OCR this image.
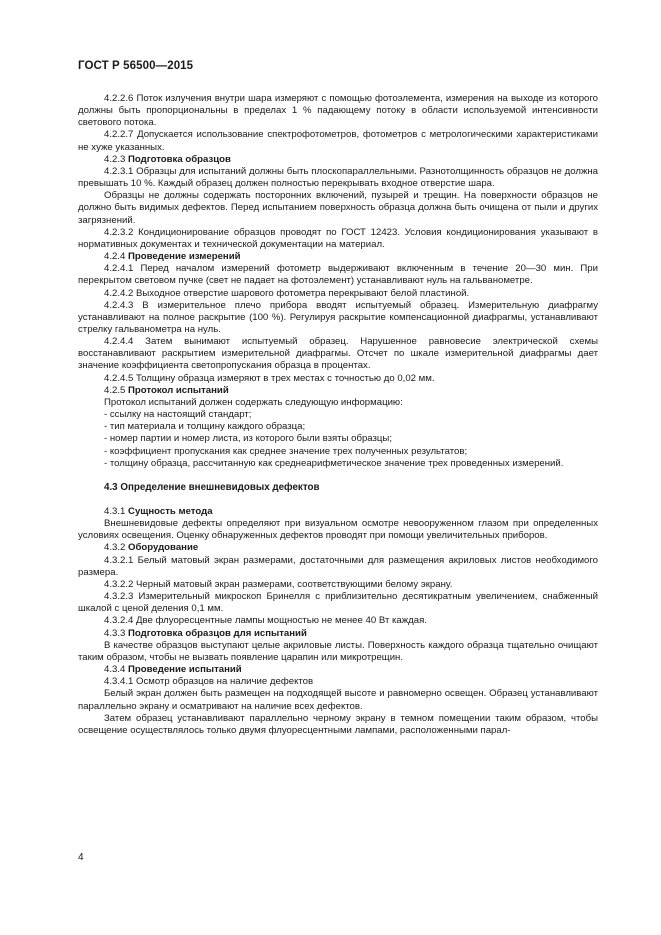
ГОСТ Р 56500—2015

4.2.2.6 Поток излучения внутри шара измеряют с помощью фотоэлемента, измерения на выходе из которого должны быть пропорциональны в пределах 1 % падающему потоку в области используемой интенсивности светового потока.

4.2.2.7 Допускается использование спектрофотометров, фотометров с метрологическими характеристиками не хуже указанных.

4.2.3 Подготовка образцов

4.2.3.1 Образцы для испытаний должны быть плоскопараллельными. Разнотолщинность образцов не должна превышать 10 %. Каждый образец должен полностью перекрывать входное отверстие шара.

Образцы не должны содержать посторонних включений, пузырей и трещин. На поверхности образцов не должно быть видимых дефектов. Перед испытанием поверхность образца должна быть очищена от пыли и других загрязнений.

4.2.3.2 Кондиционирование образцов проводят по ГОСТ 12423. Условия кондиционирования указывают в нормативных документах и технической документации на материал.

4.2.4 Проведение измерений

4.2.4.1 Перед началом измерений фотометр выдерживают включенным в течение 20—30 мин. При перекрытом световом пучке (свет не падает на фотоэлемент) устанавливают нуль на гальванометре.

4.2.4.2 Выходное отверстие шарового фотометра перекрывают белой пластиной.

4.2.4.3 В измерительное плечо прибора вводят испытуемый образец. Измерительную диафрагму устанавливают на полное раскрытие (100 %). Регулируя раскрытие компенсационной диафрагмы, устанавливают стрелку гальванометра на нуль.

4.2.4.4 Затем вынимают испытуемый образец. Нарушенное равновесие электрической схемы восстанавливают раскрытием измерительной диафрагмы. Отсчет по шкале измерительной диафрагмы дает значение коэффициента светопропускания образца в процентах.

4.2.4.5 Толщину образца измеряют в трех местах с точностью до 0,02 мм.

4.2.5 Протокол испытаний

Протокол испытаний должен содержать следующую информацию:

- ссылку на настоящий стандарт;

- тип материала и толщину каждого образца;

- номер партии и номер листа, из которого были взяты образцы;

- коэффициент пропускания как среднее значение трех полученных результатов;

- толщину образца, рассчитанную как среднеарифметическое значение трех проведенных измерений.

4.3 Определение внешневидовых дефектов

4.3.1 Сущность метода

Внешневидовые дефекты определяют при визуальном осмотре невооруженном глазом при определенных условиях освещения. Оценку обнаруженных дефектов проводят при помощи увеличительных приборов.

4.3.2 Оборудование

4.3.2.1 Белый матовый экран размерами, достаточными для размещения акриловых листов необходимого размера.

4.3.2.2 Черный матовый экран размерами, соответствующими белому экрану.

4.3.2.3 Измерительный микроскоп Бринелля с приблизительно десятикратным увеличением, снабженный шкалой с ценой деления 0,1 мм.

4.3.2.4 Две флуоресцентные лампы мощностью не менее 40 Вт каждая.

4.3.3 Подготовка образцов для испытаний

В качестве образцов выступают целые акриловые листы. Поверхность каждого образца тщательно очищают таким образом, чтобы не вызвать появление царапин или микротрещин.

4.3.4 Проведение испытаний

4.3.4.1 Осмотр образцов на наличие дефектов

Белый экран должен быть размещен на подходящей высоте и равномерно освещен. Образец устанавливают параллельно экрану и осматривают на наличие всех дефектов.

Затем образец устанавливают параллельно черному экрану в темном помещении таким образом, чтобы освещение осуществлялось только двумя флуоресцентными лампами, расположенными парал-

4
